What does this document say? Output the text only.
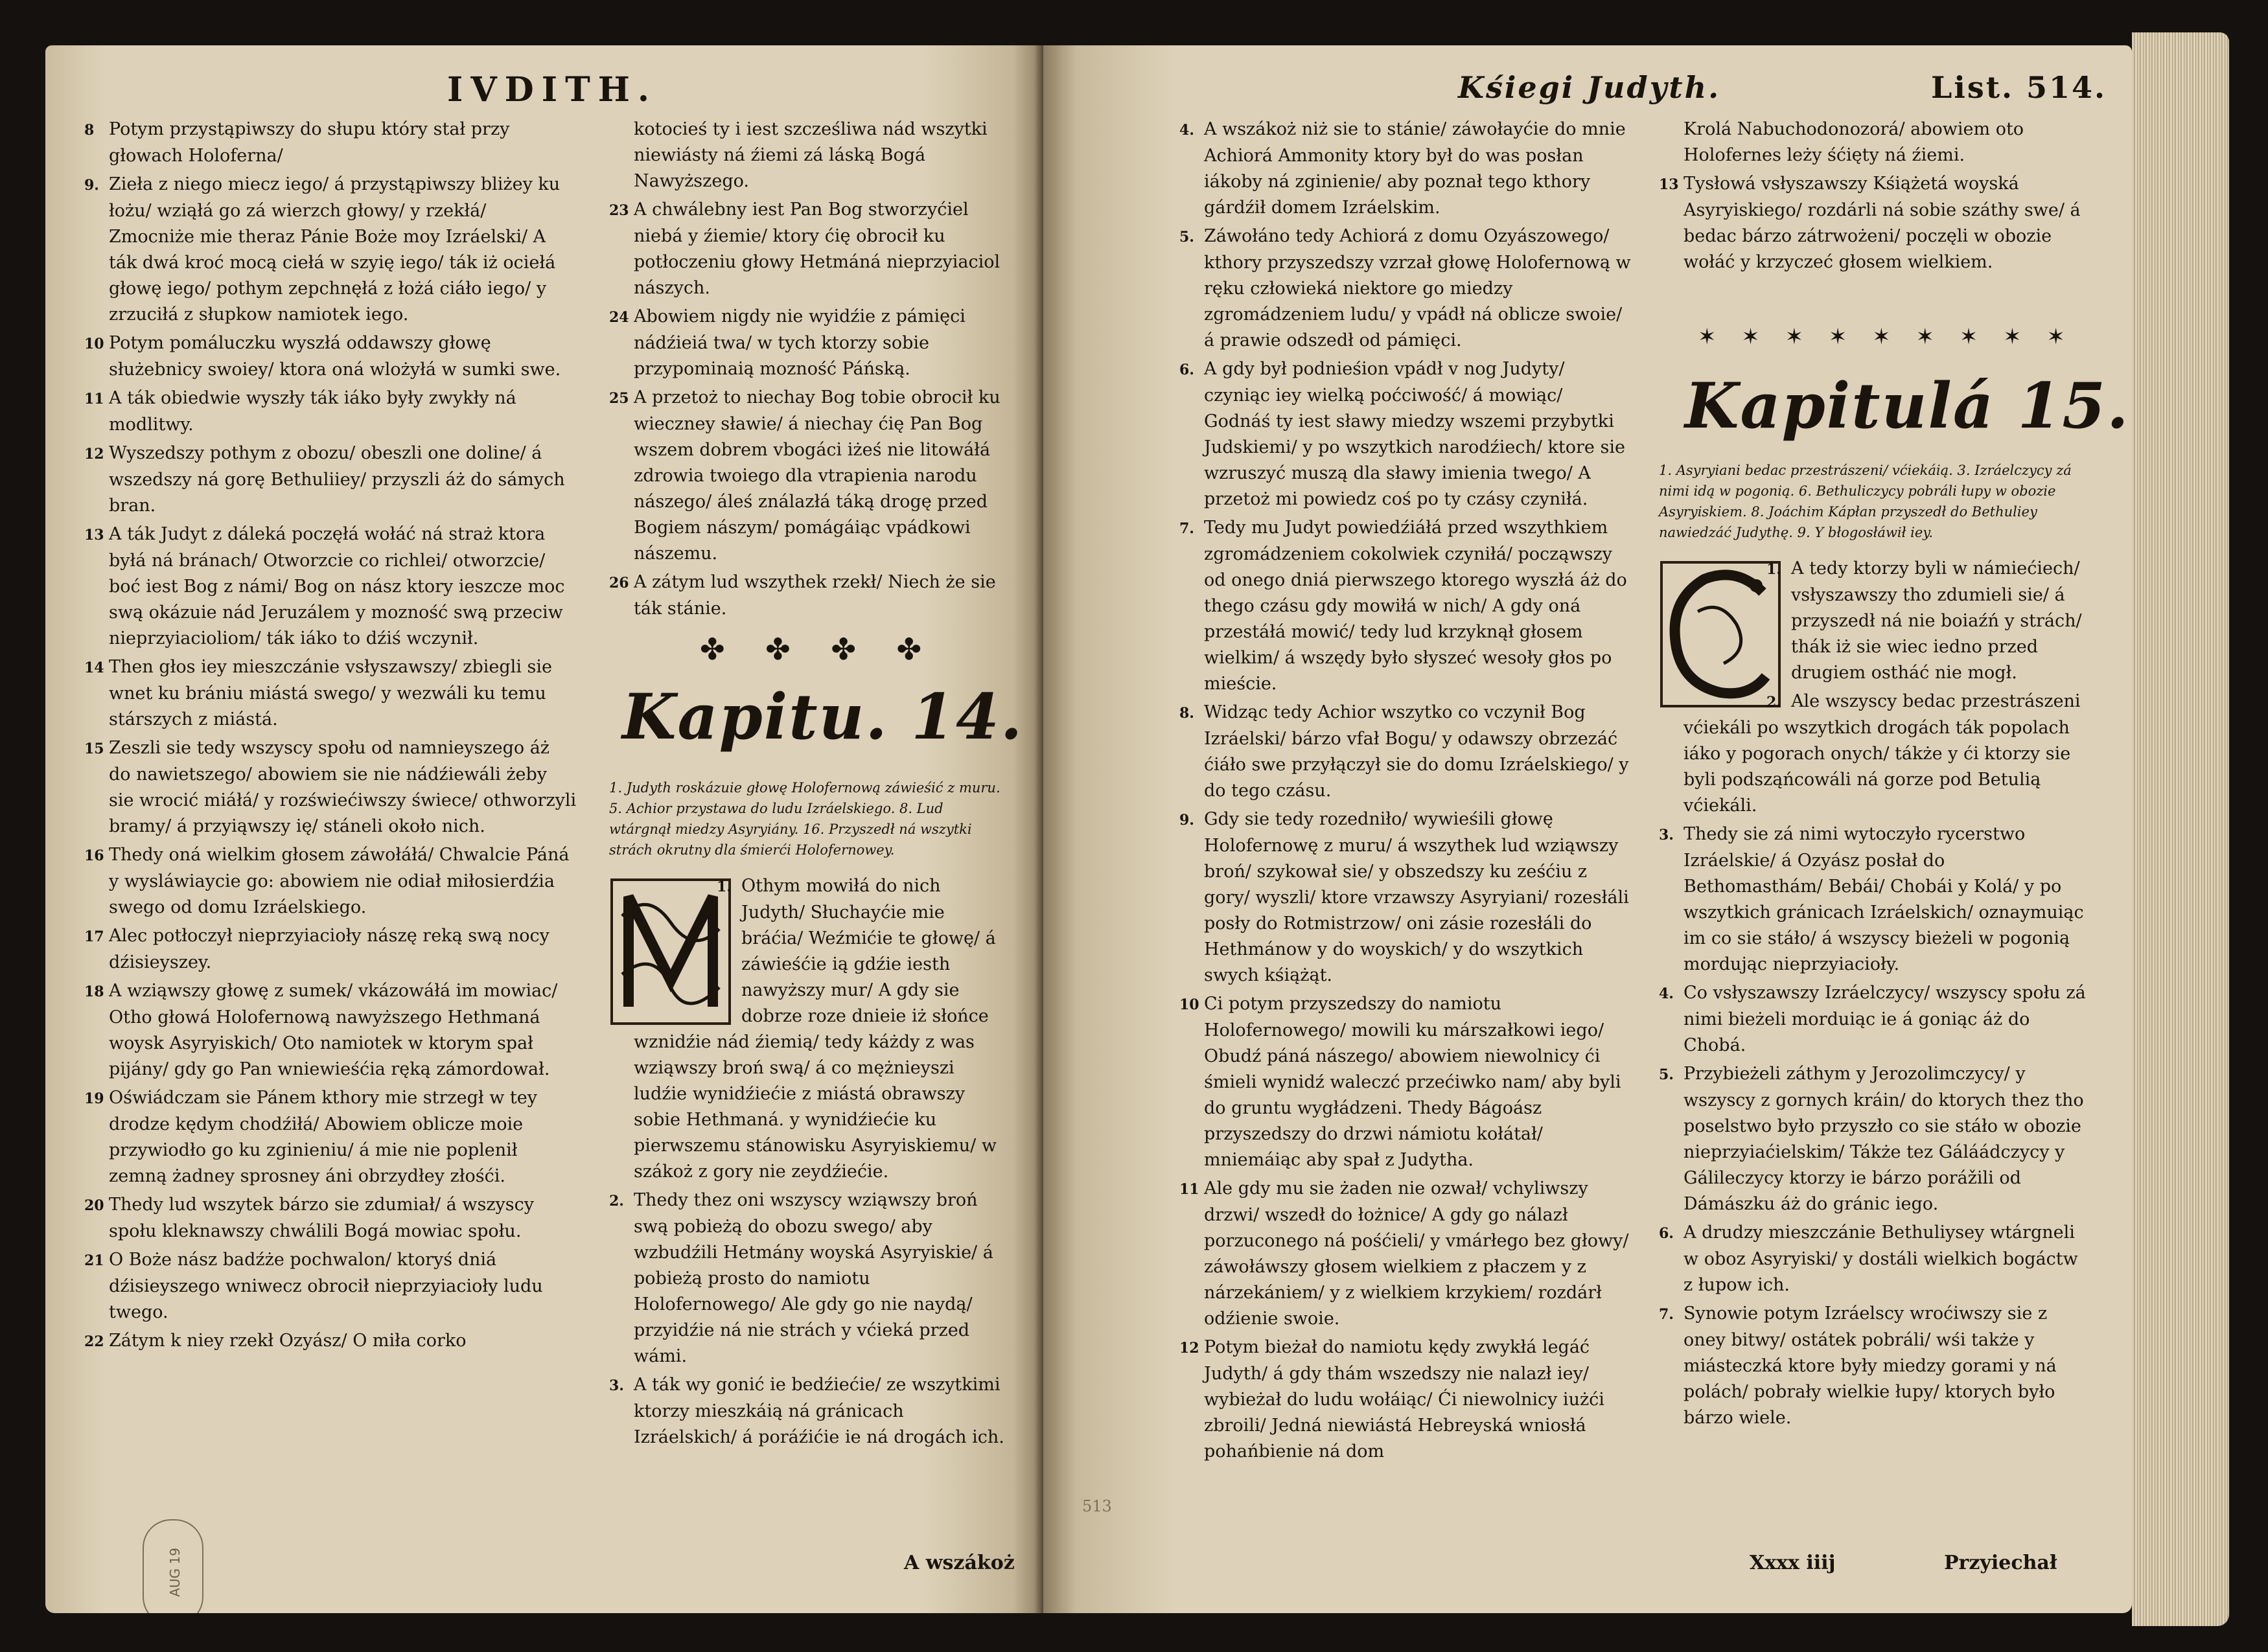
IVDITH.

8 Potym przystąpiwszy do słupu który stał przy głowach Holoferna/

9. Zieła z niego miecz iego/ á przystąpiwszy bliżey ku łożu/ wziąłá go zá wierzch głowy/ y rzekłá/ Zmocniże mie theraz Pánie Boże moy Izráelski/ A ták dwá kroć mocą ciełá w szyię iego/ ták iż ociełá głowę iego/ pothym zepchnęłá z łożá ciáło iego/ y zrzuciłá z słupkow namiotek iego.

10 Potym pomáluczku wyszłá oddawszy głowę służebnicy swoiey/ ktora oná wlożyłá w sumki swe.

11 A ták obiedwie wyszły ták iáko były zwykły ná modlitwy.

12 Wyszedszy pothym z obozu/ obeszli one doline/ á wszedszy ná gorę Bethuliiey/ przyszli áż do sámych bran.

13 A ták Judyt z dáleká poczęłá wołáć ná straż ktora byłá ná bránach/ Otworzcie co richlei/ otworzcie/ boć iest Bog z námi/ Bog on nász ktory ieszcze moc swą okázuie nád Jeruzálem y mozność swą przeciw nieprzyiacioliom/ ták iáko to dźiś wczynił.

14 Then głos iey mieszczánie vsłyszawszy/ zbiegli sie wnet ku brániu miástá swego/ y wezwáli ku temu stárszych z miástá.

15 Zeszli sie tedy wszyscy społu od namnieyszego áż do nawietszego/ abowiem sie nie nádźiewáli żeby sie wrocić miáłá/ y rozświećiwszy świece/ othworzyli bramy/ á przyiąwszy ię/ stáneli około nich.

16 Thedy oná wielkim głosem záwołáłá/ Chwalcie Páná y wysláwiaycie go: abowiem nie odiał miłosierdźia swego od domu Izráelskiego.

17 Alec potłoczył nieprzyiacioły nászę reką swą nocy dźisieyszey.

18 A wziąwszy głowę z sumek/ vkázowáłá im mowiac/ Otho głowá Holofernową nawyższego Hethmaná woysk Asyryiskich/ Oto namiotek w ktorym spał pijány/ gdy go Pan wniewieśćia ręką zámordował.

19 Oświádczam sie Pánem kthory mie strzegł w tey drodze kędym chodźiłá/ Abowiem oblicze moie przywiodło go ku zginieniu/ á mie nie poplenił zemną żadney sprosney áni obrzydłey złośći.

20 Thedy lud wszytek bárzo sie zdumiał/ á wszyscy społu kleknawszy chwálili Bogá mowiac społu.

21 O Boże nász badźże pochwalon/ ktoryś dniá dźisieyszego wniwecz obrocił nieprzyiacioły ludu twego.

22 Zátym k niey rzekł Ozyász/ O miła corko

kotocieś ty i iest szcześliwa nád wszytki niewiásty ná źiemi zá láską Bogá Nawyższego.

23 A chwálebny iest Pan Bog stworzyćiel niebá y źiemie/ ktory ćię obrocił ku potłoczeniu głowy Hetmáná nieprzyiaciol nászych.

24 Abowiem nigdy nie wyidźie z pámięci nádźieiá twa/ w tych ktorzy sobie przypominaią mozność Páńską.

25 A przetoż to niechay Bog tobie obrocił ku wieczney sławie/ á niechay ćię Pan Bog wszem dobrem vbogáci iżeś nie litowáłá zdrowia twoiego dla vtrapienia narodu nászego/ áleś ználazłá táką drogę przed Bogiem nászym/ pomágáiąc vpádkowi nászemu.

26 A zátym lud wszythek rzekł/ Niech że sie ták stánie.

✤ ✤ ✤ ✤
Kapitu. 14.
1. Judyth roskázuie głowę Holofernową záwieśić z muru. 5. Achior przystawa do ludu Izráelskiego. 8. Lud wtárgnął miedzy Asyryiány. 16. Przyszedł ná wszytki strách okrutny dla śmierći Holofernowey.

1. Othym mowiłá do nich Judyth/ Słuchayćie mie bráćia/ Weźmićie te głowę/ á záwieśćie ią gdźie iesth nawyższy mur/ A gdy sie dobrze roze dnieie iż słońce wznidźie nád źiemią/ tedy káżdy z was wziąwszy broń swą/ á co mężnieyszi ludźie wynidźiećie z miástá obrawszy sobie Hethmaná. y wynidźiećie ku pierwszemu stánowisku Asyryiskiemu/ w szákoż z gory nie zeydźiećie.

2. Thedy thez oni wszyscy wziąwszy broń swą pobieżą do obozu swego/ aby wzbudźili Hetmány woyská Asyryiskie/ á pobieżą prosto do namiotu Holofernowego/ Ale gdy go nie naydą/ przyidźie ná nie strách y vćieká przed wámi.

3. A ták wy gonić ie bedźiećie/ ze wszytkimi ktorzy mieszkáią ná gránicach Izráelskich/ á poráźićie ie ná drogách ich.

A wszákoż
AUG 19
Kśiegi Judyth.	List. 514.

4. A wszákoż niż sie to stánie/ záwołayćie do mnie Achiorá Ammonity ktory był do was posłan iákoby ná zginienie/ aby poznał tego kthory gárdźił domem Izráelskim.

5. Záwołáno tedy Achiorá z domu Ozyászowego/ kthory przyszedszy vzrzał głowę Holofernową w ręku człowieká niektore go miedzy zgromádzeniem ludu/ y vpádł ná oblicze swoie/ á prawie odszedł od pámięci.

6. A gdy był podnieśion vpádł v nog Judyty/ czyniąc iey wielką poćciwość/ á mowiąc/ Godnáś ty iest sławy miedzy wszemi przybytki Judskiemi/ y po wszytkich narodźiech/ ktore sie wzruszyć muszą dla sławy imienia twego/ A przetoż mi powiedz coś po ty czásy czyniłá.

7. Tedy mu Judyt powiedźiáłá przed wszythkiem zgromádzeniem cokolwiek czyniłá/ począwszy od onego dniá pierwszego ktorego wyszłá áż do thego czásu gdy mowiłá w nich/ A gdy oná przestáłá mowić/ tedy lud krzyknął głosem wielkim/ á wszędy było słyszeć wesoły głos po mieście.

8. Widząc tedy Achior wszytko co vczynił Bog Izráelski/ bárzo vfał Bogu/ y odawszy obrzezáć ćiáło swe przyłączył sie do domu Izráelskiego/ y do tego czásu.

9. Gdy sie tedy rozedniło/ wywieśili głowę Holofernowę z muru/ á wszythek lud wziąwszy broń/ szykował sie/ y obszedszy ku ześćiu z gory/ wyszli/ ktore vrzawszy Asyryiani/ rozesłáli posły do Rotmistrzow/ oni zásie rozesłáli do Hethmánow y do woyskich/ y do wszytkich swych kśiążąt.

10 Ci potym przyszedszy do namiotu Holofernowego/ mowili ku márszałkowi iego/ Obudź páná nászego/ abowiem niewolnicy ći śmieli wynidź waleczć przećiwko nam/ aby byli do gruntu wygłádzeni. Thedy Bágoász przyszedszy do drzwi námiotu kołátał/ mniemáiąc aby spał z Judytha.

11 Ale gdy mu sie żaden nie ozwał/ vchyliwszy drzwi/ wszedł do łożnice/ A gdy go nálazł porzuconego ná pośćieli/ y vmárłego bez głowy/ záwołáwszy głosem wielkiem z płaczem y z nárzekániem/ y z wielkiem krzykiem/ rozdárł odźienie swoie.

12 Potym bieżał do namiotu kędy zwykłá legáć Judyth/ á gdy thám wszedszy nie nalazł iey/ wybieżał do ludu wołáiąc/ Ći niewolnicy iużći zbroili/ Jedná niewiástá Hebreyská wniosłá pohańbienie ná dom

Krolá Nabuchodonozorá/ abowiem oto Holofernes leży śćięty ná źiemi.

13 Tysłowá vsłyszawszy Kśiążetá woyská Asyryiskiego/ rozdárli ná sobie száthy swe/ á bedac bárzo zátrwożeni/ poczęli w obozie wołáć y krzyczeć głosem wielkiem.

✶ ✶ ✶ ✶ ✶ ✶ ✶ ✶ ✶
Kapitulá 15.
1. Asyryiani bedac przestrászeni/ vćiekáią. 3. Izráelczycy zá nimi idą w pogonią. 6. Bethuliczycy pobráli łupy w obozie Asyryiskiem. 8. Joáchim Kápłan przyszedł do Bethuliey nawiedzáć Judythę. 9. Y błogosłáwił iey.

1. A tedy ktorzy byli w námiećiech/ vsłyszawszy tho zdumieli sie/ á przyszedł ná nie boiaźń y strách/ thák iż sie wiec iedno przed drugiem ostháć nie mogł.

2. Ale wszyscy bedac przestrászeni vćiekáli po wszytkich drogách ták popolach iáko y pogorach onych/ tákże y ći ktorzy sie byli podsząńcowáli ná gorze pod Betulią vćiekáli.

3. Thedy sie zá nimi wytoczyło rycerstwo Izráelskie/ á Ozyász posłał do Bethomasthám/ Bebái/ Chobái y Kolá/ y po wszytkich gránicach Izráelskich/ oznaymuiąc im co sie stáło/ á wszyscy bieżeli w pogonią mordując nieprzyiacioły.

4. Co vsłyszawszy Izráelczycy/ wszyscy społu zá nimi bieżeli morduiąc ie á goniąc áż do Chobá.

5. Przybieżeli záthym y Jerozolimczycy/ y wszyscy z gornych kráin/ do ktorych thez tho poselstwo było przyszło co sie stáło w obozie nieprzyiaćielskim/ Tákże tez Gáláádczycy y Gálileczycy ktorzy ie bárzo porážili od Dámászku áż do gránic iego.

6. A drudzy mieszczánie Bethuliysey wtárgneli w oboz Asyryiski/ y dostáli wielkich bogáctw z łupow ich.

7. Synowie potym Izráelscy wroćiwszy sie z oney bitwy/ ostátek pobráli/ wśi także y miásteczká ktore były miedzy gorami y ná polách/ pobrały wielkie łupy/ ktorych było bárzo wiele.

513
Xxxx iiij	Przyiechał
